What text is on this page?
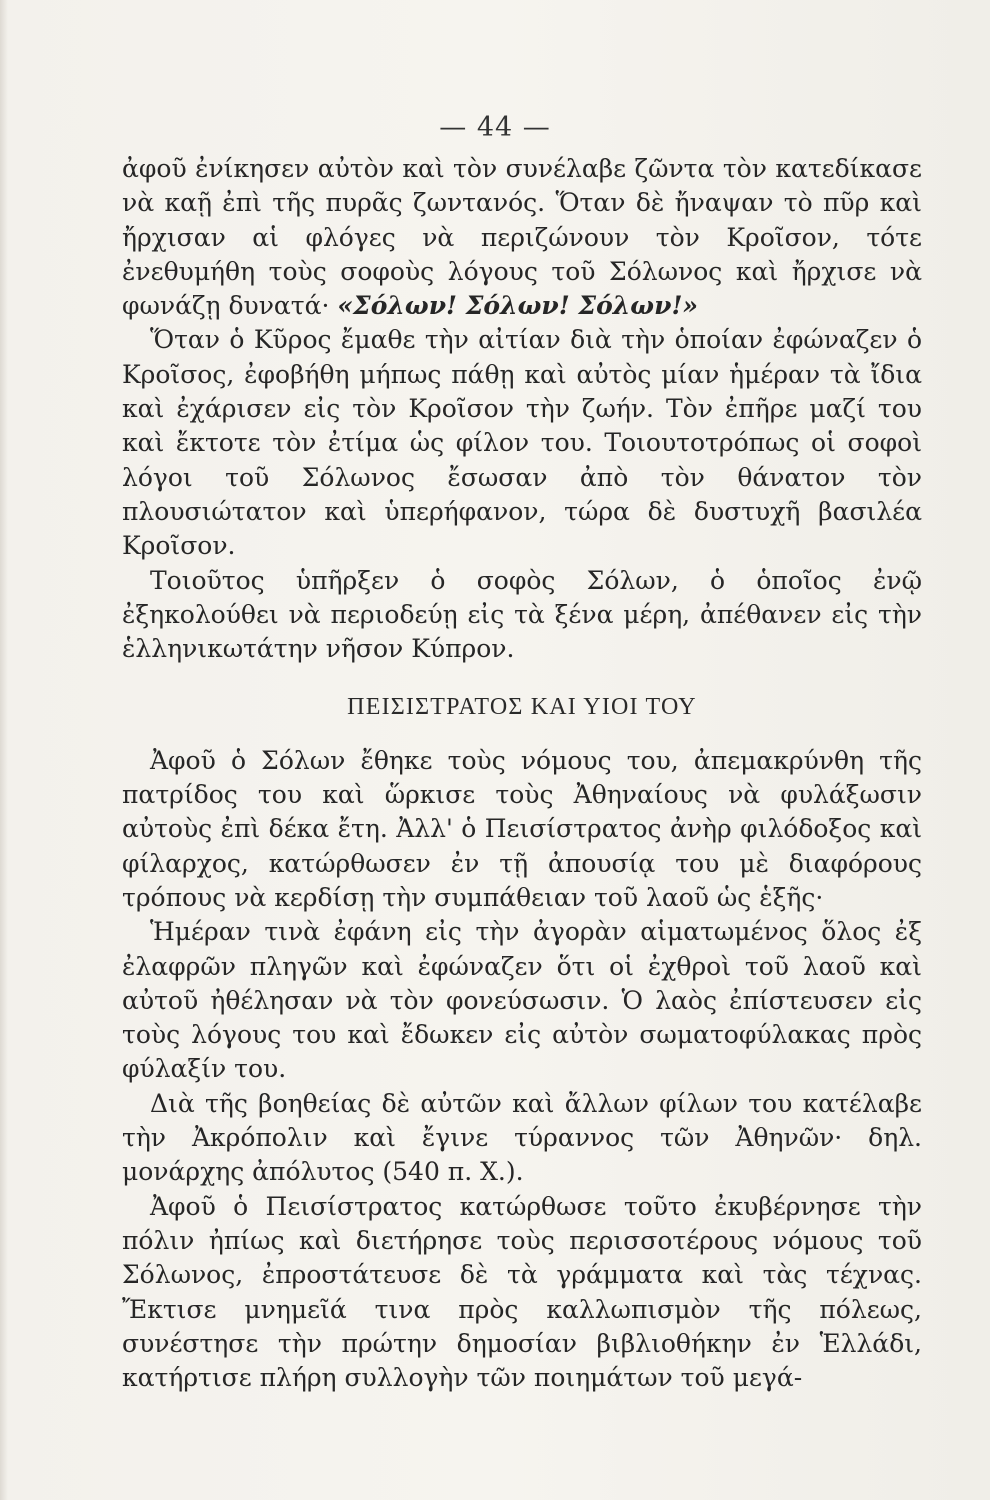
— 44 —

ἀφοῦ ἐνίκησεν αὐτὸν καὶ τὸν συνέλαβε ζῶντα τὸν κατεδίκασε νὰ καῇ ἐπὶ τῆς πυρᾶς ζωντανός. Ὅταν δὲ ἤναψαν τὸ πῦρ καὶ ἤρχισαν αἱ φλόγες νὰ περιζώνουν τὸν Κροῖσον, τότε ἐνεθυμήθη τοὺς σοφοὺς λόγους τοῦ Σόλωνος καὶ ἤρχισε νὰ φωνάζῃ δυνατά· «Σόλων! Σόλων! Σόλων!»

Ὅταν ὁ Κῦρος ἔμαθε τὴν αἰτίαν διὰ τὴν ὁποίαν ἐφώναζεν ὁ Κροῖσος, ἐφοβήθη μήπως πάθῃ καὶ αὐτὸς μίαν ἡμέραν τὰ ἴδια καὶ ἐχάρισεν εἰς τὸν Κροῖσον τὴν ζωήν. Τὸν ἐπῆρε μαζί του καὶ ἔκτοτε τὸν ἐτίμα ὡς φίλον του. Τοιουτοτρόπως οἱ σοφοὶ λόγοι τοῦ Σόλωνος ἔσωσαν ἀπὸ τὸν θάνατον τὸν πλουσιώτατον καὶ ὑπερήφανον, τώρα δὲ δυστυχῆ βασιλέα Κροῖσον.

Τοιοῦτος ὑπῆρξεν ὁ σοφὸς Σόλων, ὁ ὁποῖος ἐνῷ ἐξηκολούθει νὰ περιοδεύῃ εἰς τὰ ξένα μέρη, ἀπέθανεν εἰς τὴν ἑλληνικωτάτην νῆσον Κύπρον.

ΠΕΙΣΙΣΤΡΑΤΟΣ ΚΑΙ ΥΙΟΙ ΤΟΥ

Ἀφοῦ ὁ Σόλων ἔθηκε τοὺς νόμους του, ἀπεμακρύνθη τῆς πατρίδος του καὶ ὥρκισε τοὺς Ἀθηναίους νὰ φυλάξωσιν αὐτοὺς ἐπὶ δέκα ἔτη. Ἀλλ' ὁ Πεισίστρατος ἀνὴρ φιλόδοξος καὶ φίλαρχος, κατώρθωσεν ἐν τῇ ἀπουσίᾳ του μὲ διαφόρους τρόπους νὰ κερδίσῃ τὴν συμπάθειαν τοῦ λαοῦ ὡς ἑξῆς·

Ἡμέραν τινὰ ἐφάνη εἰς τὴν ἀγορὰν αἱματωμένος ὅλος ἐξ ἐλαφρῶν πληγῶν καὶ ἐφώναζεν ὅτι οἱ ἐχθροὶ τοῦ λαοῦ καὶ αὐτοῦ ἠθέλησαν νὰ τὸν φονεύσωσιν. Ὁ λαὸς ἐπίστευσεν εἰς τοὺς λόγους του καὶ ἔδωκεν εἰς αὐτὸν σωματοφύλακας πρὸς φύλαξίν του.

Διὰ τῆς βοηθείας δὲ αὐτῶν καὶ ἄλλων φίλων του κατέλαβε τὴν Ἀκρόπολιν καὶ ἔγινε τύραννος τῶν Ἀθηνῶν· δηλ. μονάρχης ἀπόλυτος (540 π. Χ.).

Ἀφοῦ ὁ Πεισίστρατος κατώρθωσε τοῦτο ἐκυβέρνησε τὴν πόλιν ἠπίως καὶ διετήρησε τοὺς περισσοτέρους νόμους τοῦ Σόλωνος, ἐπροστάτευσε δὲ τὰ γράμματα καὶ τὰς τέχνας. Ἔκτισε μνημεῖά τινα πρὸς καλλωπισμὸν τῆς πόλεως, συνέστησε τὴν πρώτην δημοσίαν βιβλιοθήκην ἐν Ἑλλάδι, κατήρτισε πλήρη συλλογὴν τῶν ποιημάτων τοῦ μεγά-
